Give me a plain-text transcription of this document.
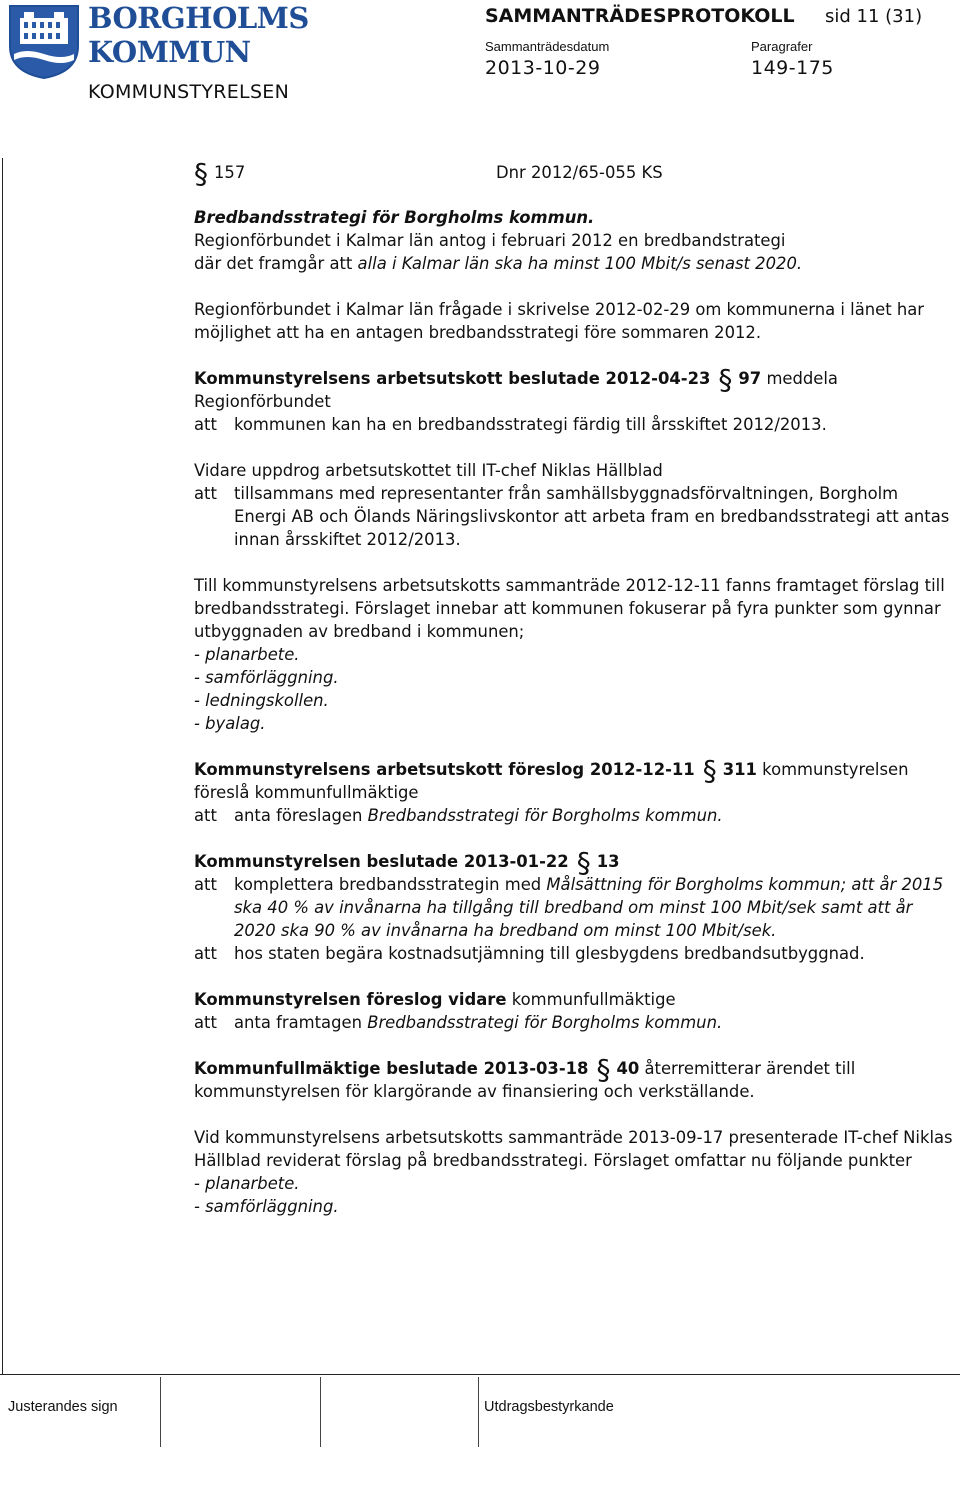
BORGHOLMS
KOMMUN
KOMMUNSTYRELSEN
SAMMANTRÄDESPROTOKOLL sid 11 (31)
Sammanträdesdatum
2013-10-29
Paragrafer
149-175

§ 157	Dnr 2012/65-055 KS

Bredbandsstrategi för Borgholms kommun.

Regionförbundet i Kalmar län antog i februari 2012 en bredbandstrategi
där det framgår att alla i Kalmar län ska ha minst 100 Mbit/s senast 2020.

Regionförbundet i Kalmar län frågade i skrivelse 2012-02-29 om kommunerna i länet har möjlighet att ha en antagen bredbandsstrategi före sommaren 2012.

Kommunstyrelsens arbetsutskott beslutade 2012-04-23 § 97 meddela Regionförbundet

att	kommunen kan ha en bredbandsstrategi färdig till årsskiftet 2012/2013.

Vidare uppdrog arbetsutskottet till IT-chef Niklas Hällblad

att	tillsammans med representanter från samhällsbyggnadsförvaltningen, Borgholm Energi AB och Ölands Näringslivskontor att arbeta fram en bredbandsstrategi att antas innan årsskiftet 2012/2013.

Till kommunstyrelsens arbetsutskotts sammanträde 2012-12-11 fanns framtaget förslag till bredbandsstrategi. Förslaget innebar att kommunen fokuserar på fyra punkter som gynnar utbyggnaden av bredband i kommunen;

- planarbete.
- samförläggning.
- ledningskollen.
- byalag.

Kommunstyrelsens arbetsutskott föreslog 2012-12-11 § 311 kommunstyrelsen föreslå kommunfullmäktige

att	anta föreslagen Bredbandsstrategi för Borgholms kommun.

Kommunstyrelsen beslutade 2013-01-22 § 13

att	komplettera bredbandsstrategin med Målsättning för Borgholms kommun; att år 2015 ska 40 % av invånarna ha tillgång till bredband om minst 100 Mbit/sek samt att år 2020 ska 90 % av invånarna ha bredband om minst 100 Mbit/sek.
att	hos staten begära kostnadsutjämning till glesbygdens bredbandsutbyggnad.

Kommunstyrelsen föreslog vidare kommunfullmäktige

att	anta framtagen Bredbandsstrategi för Borgholms kommun.

Kommunfullmäktige beslutade 2013-03-18 § 40 återremitterar ärendet till kommunstyrelsen för klargörande av finansiering och verkställande.

Vid kommunstyrelsens arbetsutskotts sammanträde 2013-09-17 presenterade IT-chef Niklas Hällblad reviderat förslag på bredbandsstrategi. Förslaget omfattar nu följande punkter

- planarbete.
- samförläggning.
Justerandes sign	Utdragsbestyrkande
